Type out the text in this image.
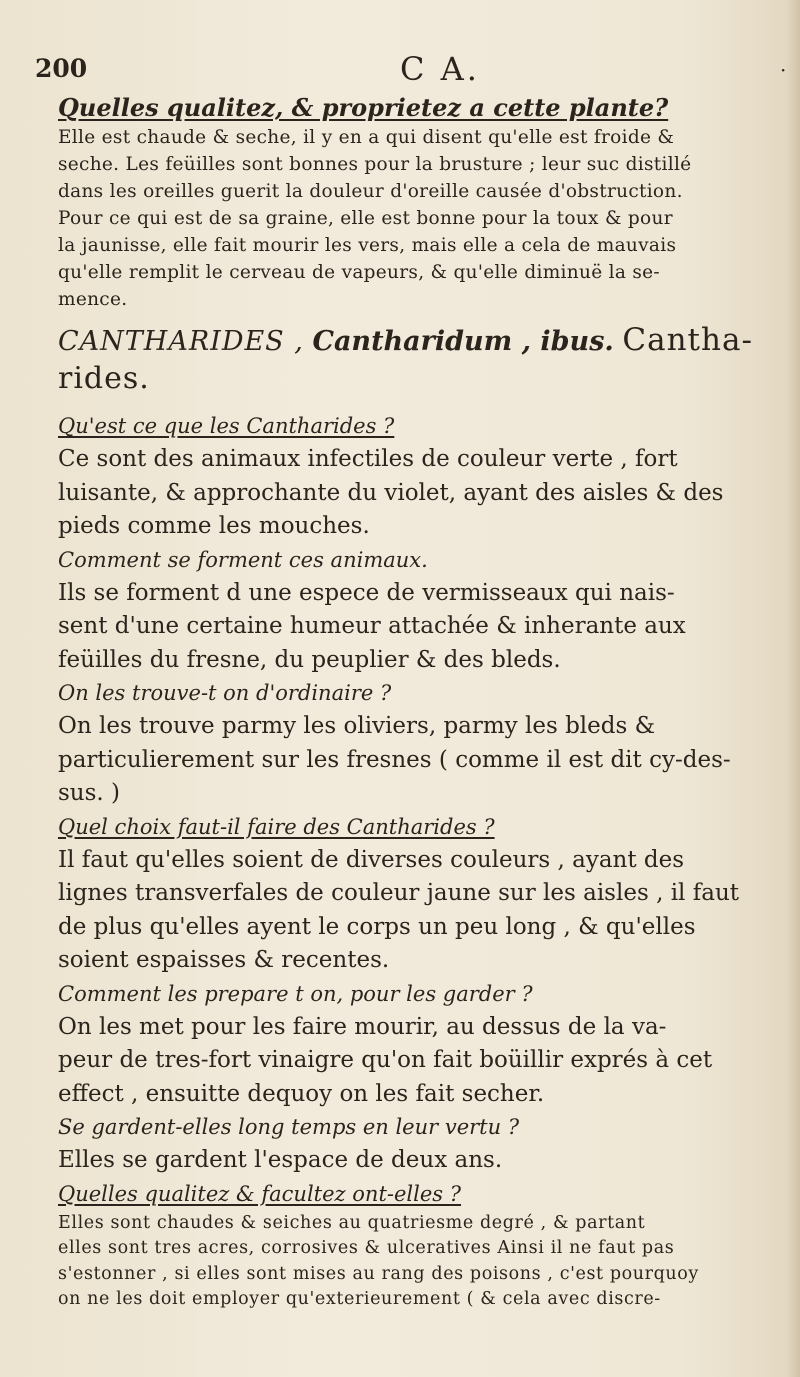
200	C A.	·

Quelles qualitez, & proprietez a cette plante?

Elle est chaude & seche, il y en a qui disent qu'elle est froide &

seche. Les feüilles sont bonnes pour la brusture ; leur suc distillé

dans les oreilles guerit la douleur d'oreille causée d'obstruction.

Pour ce qui est de sa graine, elle est bonne pour la toux & pour

la jaunisse, elle fait mourir les vers, mais elle a cela de mauvais

qu'elle remplit le cerveau de vapeurs, & qu'elle diminuë la se-

mence.

CANTHARIDES , Cantharidum , ibus. Cantha-

rides.

Qu'est ce que les Cantharides ?

Ce sont des animaux infectiles de couleur verte , fort

luisante, & approchante du violet, ayant des aisles & des

pieds comme les mouches.

Comment se forment ces animaux.

Ils se forment d une espece de vermisseaux qui nais-

sent d'une certaine humeur attachée & inherante aux

feüilles du fresne, du peuplier & des bleds.

On les trouve-t on d'ordinaire ?

On les trouve parmy les oliviers, parmy les bleds &

particulierement sur les fresnes ( comme il est dit cy-des-

sus. )

Quel choix faut-il faire des Cantharides ?

Il faut qu'elles soient de diverses couleurs , ayant des

lignes transverfales de couleur jaune sur les aisles , il faut

de plus qu'elles ayent le corps un peu long , & qu'elles

soient espaisses & recentes.

Comment les prepare t on, pour les garder ?

On les met pour les faire mourir, au dessus de la va-

peur de tres-fort vinaigre qu'on fait boüillir exprés à cet

effect , ensuitte dequoy on les fait secher.

Se gardent-elles long temps en leur vertu ?

Elles se gardent l'espace de deux ans.

Quelles qualitez & facultez ont-elles ?

Elles sont chaudes & seiches au quatriesme degré , & partant

elles sont tres acres, corrosives & ulceratives Ainsi il ne faut pas

s'estonner , si elles sont mises au rang des poisons , c'est pourquoy

on ne les doit employer qu'exterieurement ( & cela avec discre-
